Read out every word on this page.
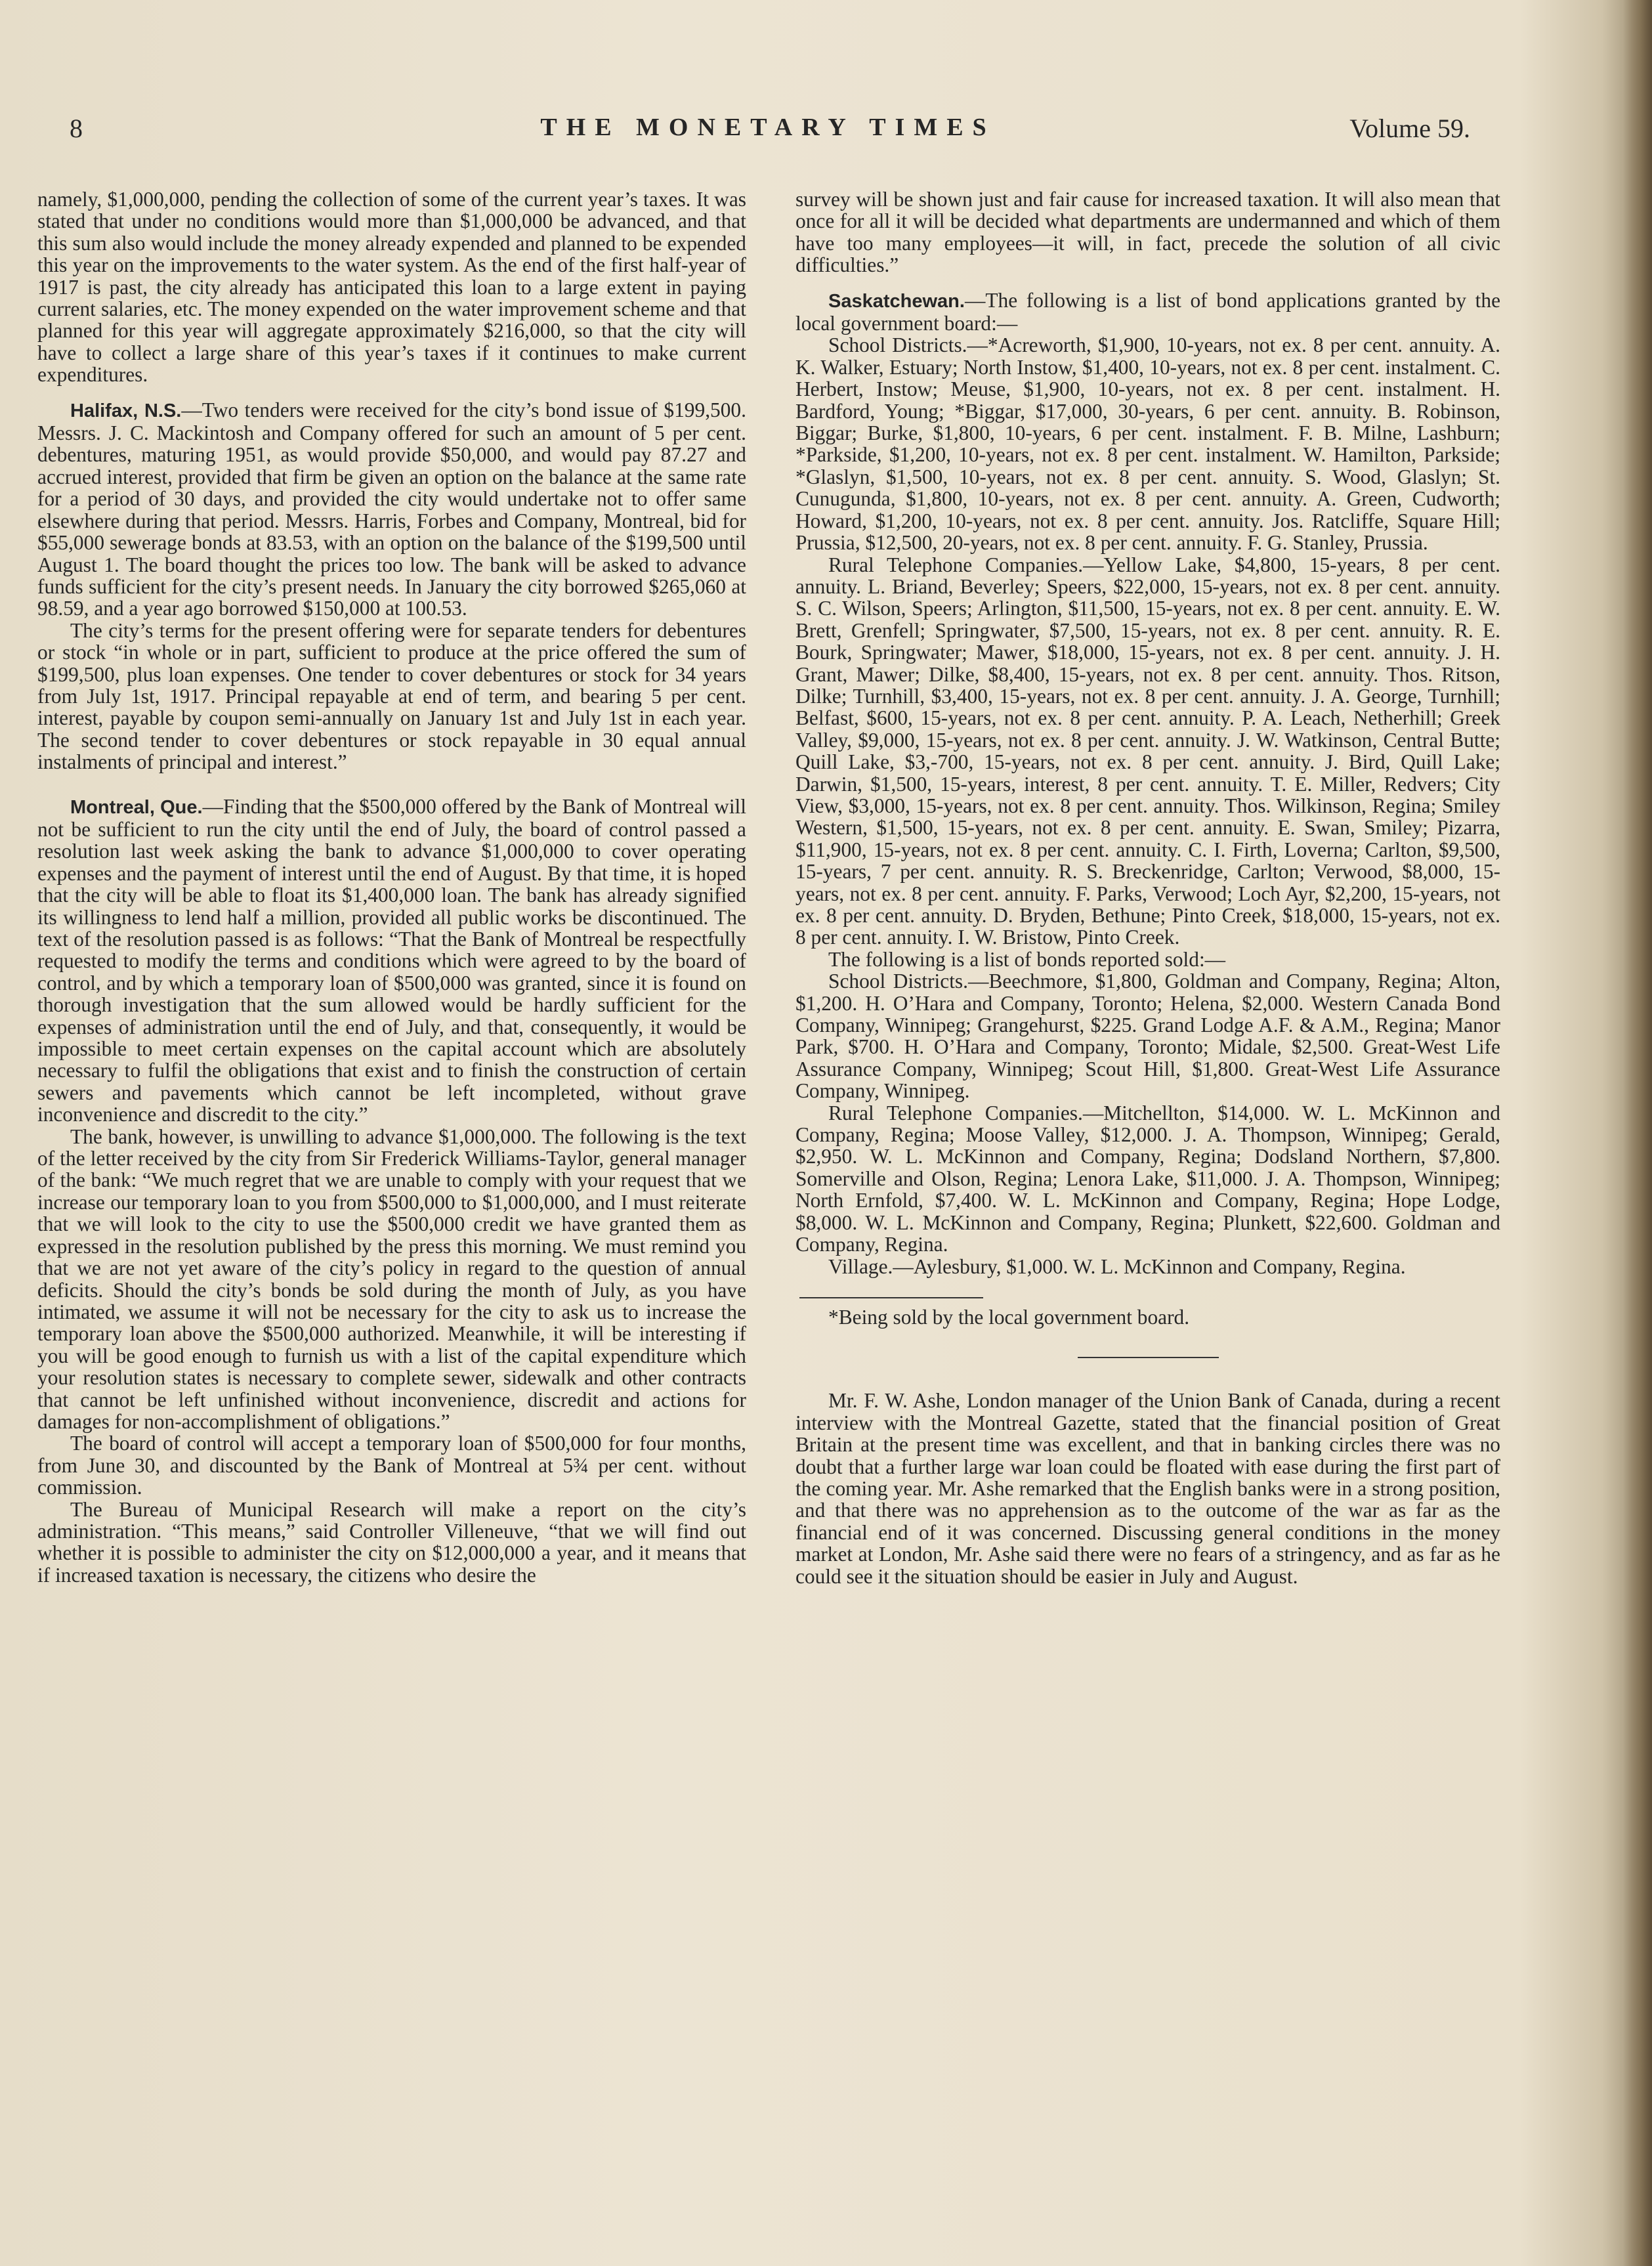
8	THE MONETARY TIMES	Volume 59.

namely, $1,000,000, pending the collection of some of the current year’s taxes. It was stated that under no conditions would more than $1,000,000 be advanced, and that this sum also would include the money already expended and planned to be expended this year on the improvements to the water system. As the end of the first half-year of 1917 is past, the city already has anticipated this loan to a large extent in paying current salaries, etc. The money expended on the water improvement scheme and that planned for this year will aggregate approximately $216,000, so that the city will have to collect a large share of this year’s taxes if it continues to make current expenditures.

Halifax, N.S.—Two tenders were received for the city’s bond issue of $199,500. Messrs. J. C. Mackintosh and Company offered for such an amount of 5 per cent. debentures, maturing 1951, as would provide $50,000, and would pay 87.27 and accrued interest, provided that firm be given an option on the balance at the same rate for a period of 30 days, and provided the city would undertake not to offer same elsewhere during that period. Messrs. Harris, Forbes and Company, Montreal, bid for $55,000 sewerage bonds at 83.53, with an option on the balance of the $199,500 until August 1. The board thought the prices too low. The bank will be asked to advance funds sufficient for the city’s present needs. In January the city borrowed $265,060 at 98.59, and a year ago borrowed $150,000 at 100.53.

The city’s terms for the present offering were for separate tenders for debentures or stock “in whole or in part, sufficient to produce at the price offered the sum of $199,500, plus loan expenses. One tender to cover debentures or stock for 34 years from July 1st, 1917. Principal repayable at end of term, and bearing 5 per cent. interest, payable by coupon semi-annually on January 1st and July 1st in each year. The second tender to cover debentures or stock repayable in 30 equal annual instalments of principal and interest.”

Montreal, Que.—Finding that the $500,000 offered by the Bank of Montreal will not be sufficient to run the city until the end of July, the board of control passed a resolution last week asking the bank to advance $1,000,000 to cover operating expenses and the payment of interest until the end of August. By that time, it is hoped that the city will be able to float its $1,400,000 loan. The bank has already signified its willingness to lend half a million, provided all public works be discontinued. The text of the resolution passed is as follows: “That the Bank of Montreal be respectfully requested to modify the terms and conditions which were agreed to by the board of control, and by which a temporary loan of $500,000 was granted, since it is found on thorough investigation that the sum allowed would be hardly sufficient for the expenses of administration until the end of July, and that, consequently, it would be impossible to meet certain expenses on the capital account which are absolutely necessary to fulfil the obligations that exist and to finish the construction of certain sewers and pavements which cannot be left incompleted, without grave inconvenience and discredit to the city.”

The bank, however, is unwilling to advance $1,000,000. The following is the text of the letter received by the city from Sir Frederick Williams-Taylor, general manager of the bank: “We much regret that we are unable to comply with your request that we increase our temporary loan to you from $500,000 to $1,000,000, and I must reiterate that we will look to the city to use the $500,000 credit we have granted them as expressed in the resolution published by the press this morning. We must remind you that we are not yet aware of the city’s policy in regard to the question of annual deficits. Should the city’s bonds be sold during the month of July, as you have intimated, we assume it will not be necessary for the city to ask us to increase the temporary loan above the $500,000 authorized. Meanwhile, it will be interesting if you will be good enough to furnish us with a list of the capital expenditure which your resolution states is necessary to complete sewer, sidewalk and other contracts that cannot be left unfinished without inconvenience, discredit and actions for damages for non-accomplishment of obligations.”

The board of control will accept a temporary loan of $500,000 for four months, from June 30, and discounted by the Bank of Montreal at 5¾ per cent. without commission.

The Bureau of Municipal Research will make a report on the city’s administration. “This means,” said Controller Villeneuve, “that we will find out whether it is possible to administer the city on $12,000,000 a year, and it means that if increased taxation is necessary, the citizens who desire the

survey will be shown just and fair cause for increased taxation. It will also mean that once for all it will be decided what departments are undermanned and which of them have too many employees—it will, in fact, precede the solution of all civic difficulties.”

Saskatchewan.—The following is a list of bond applications granted by the local government board:—

School Districts.—*Acreworth, $1,900, 10-years, not ex. 8 per cent. annuity. A. K. Walker, Estuary; North Instow, $1,400, 10-years, not ex. 8 per cent. instalment. C. Herbert, Instow; Meuse, $1,900, 10-years, not ex. 8 per cent. instalment. H. Bardford, Young; *Biggar, $17,000, 30-years, 6 per cent. annuity. B. Robinson, Biggar; Burke, $1,800, 10-years, 6 per cent. instalment. F. B. Milne, Lashburn; *Parkside, $1,200, 10-years, not ex. 8 per cent. instalment. W. Hamilton, Parkside; *Glaslyn, $1,500, 10-years, not ex. 8 per cent. annuity. S. Wood, Glaslyn; St. Cunugunda, $1,800, 10-years, not ex. 8 per cent. annuity. A. Green, Cudworth; Howard, $1,200, 10-years, not ex. 8 per cent. annuity. Jos. Ratcliffe, Square Hill; Prussia, $12,500, 20-years, not ex. 8 per cent. annuity. F. G. Stanley, Prussia.

Rural Telephone Companies.—Yellow Lake, $4,800, 15-years, 8 per cent. annuity. L. Briand, Beverley; Speers, $22,000, 15-years, not ex. 8 per cent. annuity. S. C. Wilson, Speers; Arlington, $11,500, 15-years, not ex. 8 per cent. annuity. E. W. Brett, Grenfell; Springwater, $7,500, 15-years, not ex. 8 per cent. annuity. R. E. Bourk, Springwater; Mawer, $18,000, 15-years, not ex. 8 per cent. annuity. J. H. Grant, Mawer; Dilke, $8,400, 15-years, not ex. 8 per cent. annuity. Thos. Ritson, Dilke; Turnhill, $3,400, 15-years, not ex. 8 per cent. annuity. J. A. George, Turnhill; Belfast, $600, 15-years, not ex. 8 per cent. annuity. P. A. Leach, Netherhill; Greek Valley, $9,000, 15-years, not ex. 8 per cent. annuity. J. W. Watkinson, Central Butte; Quill Lake, $3,-700, 15-years, not ex. 8 per cent. annuity. J. Bird, Quill Lake; Darwin, $1,500, 15-years, interest, 8 per cent. annuity. T. E. Miller, Redvers; City View, $3,000, 15-years, not ex. 8 per cent. annuity. Thos. Wilkinson, Regina; Smiley Western, $1,500, 15-years, not ex. 8 per cent. annuity. E. Swan, Smiley; Pizarra, $11,900, 15-years, not ex. 8 per cent. annuity. C. I. Firth, Loverna; Carlton, $9,500, 15-years, 7 per cent. annuity. R. S. Breckenridge, Carlton; Verwood, $8,000, 15-years, not ex. 8 per cent. annuity. F. Parks, Verwood; Loch Ayr, $2,200, 15-years, not ex. 8 per cent. annuity. D. Bryden, Bethune; Pinto Creek, $18,000, 15-years, not ex. 8 per cent. annuity. I. W. Bristow, Pinto Creek.

The following is a list of bonds reported sold:—

School Districts.—Beechmore, $1,800, Goldman and Company, Regina; Alton, $1,200. H. O’Hara and Company, Toronto; Helena, $2,000. Western Canada Bond Company, Winnipeg; Grangehurst, $225. Grand Lodge A.F. & A.M., Regina; Manor Park, $700. H. O’Hara and Company, Toronto; Midale, $2,500. Great-West Life Assurance Company, Winnipeg; Scout Hill, $1,800. Great-West Life Assurance Company, Winnipeg.

Rural Telephone Companies.—Mitchellton, $14,000. W. L. McKinnon and Company, Regina; Moose Valley, $12,000. J. A. Thompson, Winnipeg; Gerald, $2,950. W. L. McKinnon and Company, Regina; Dodsland Northern, $7,800. Somerville and Olson, Regina; Lenora Lake, $11,000. J. A. Thompson, Winnipeg; North Ernfold, $7,400. W. L. McKinnon and Company, Regina; Hope Lodge, $8,000. W. L. McKinnon and Company, Regina; Plunkett, $22,600. Goldman and Company, Regina.

Village.—Aylesbury, $1,000. W. L. McKinnon and Company, Regina.

*Being sold by the local government board.

Mr. F. W. Ashe, London manager of the Union Bank of Canada, during a recent interview with the Montreal Gazette, stated that the financial position of Great Britain at the present time was excellent, and that in banking circles there was no doubt that a further large war loan could be floated with ease during the first part of the coming year. Mr. Ashe remarked that the English banks were in a strong position, and that there was no apprehension as to the outcome of the war as far as the financial end of it was concerned. Discussing general conditions in the money market at London, Mr. Ashe said there were no fears of a stringency, and as far as he could see it the situation should be easier in July and August.
